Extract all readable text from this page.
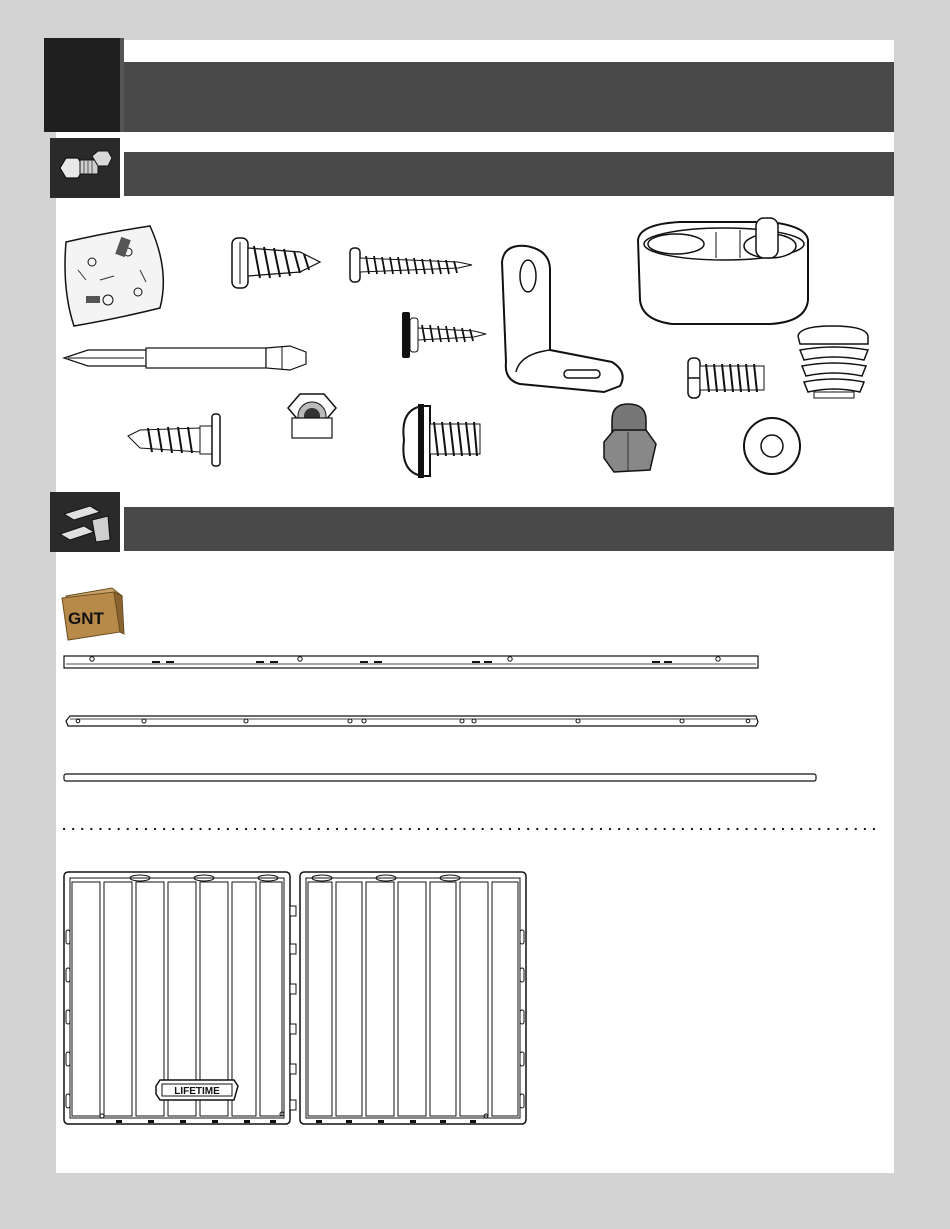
GNT
LIFETIME
